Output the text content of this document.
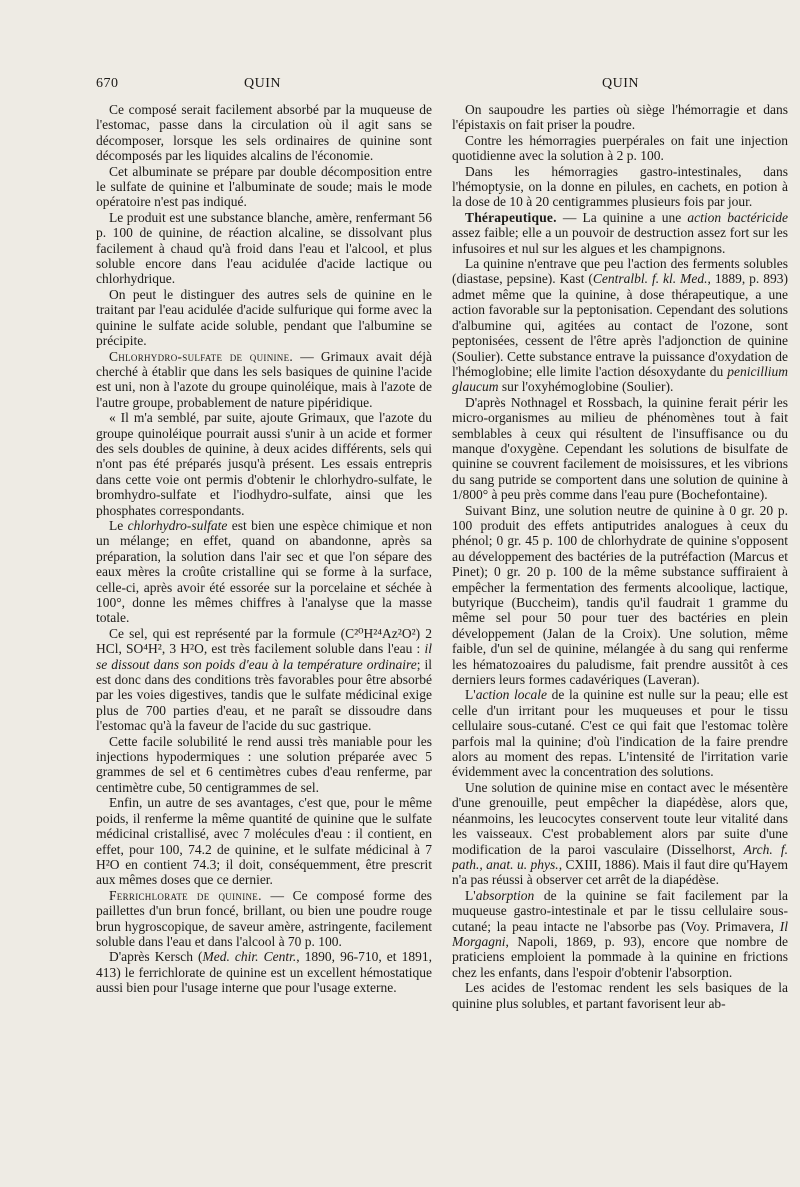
670	QUIN	QUIN

Ce composé serait facilement absorbé par la muqueuse de l'estomac, passe dans la circulation où il agit sans se décomposer, lorsque les sels ordinaires de quinine sont décomposés par les liquides alcalins de l'économie.

Cet albuminate se prépare par double décomposition entre le sulfate de quinine et l'albuminate de soude; mais le mode opératoire n'est pas indiqué.

Le produit est une substance blanche, amère, renfermant 56 p. 100 de quinine, de réaction alcaline, se dissolvant plus facilement à chaud qu'à froid dans l'eau et l'alcool, et plus soluble encore dans l'eau acidulée d'acide lactique ou chlorhydrique.

On peut le distinguer des autres sels de quinine en le traitant par l'eau acidulée d'acide sulfurique qui forme avec la quinine le sulfate acide soluble, pendant que l'albumine se précipite.

Chlorhydro-sulfate de quinine. — Grimaux avait déjà cherché à établir que dans les sels basiques de quinine l'acide est uni, non à l'azote du groupe quinoléique, mais à l'azote de l'autre groupe, probablement de nature pipéridique.

« Il m'a semblé, par suite, ajoute Grimaux, que l'azote du groupe quinoléique pourrait aussi s'unir à un acide et former des sels doubles de quinine, à deux acides différents, sels qui n'ont pas été préparés jusqu'à présent. Les essais entrepris dans cette voie ont permis d'obtenir le chlorhydro-sulfate, le bromhydro-sulfate et l'iodhydro-sulfate, ainsi que les phosphates correspondants.

Le chlorhydro-sulfate est bien une espèce chimique et non un mélange; en effet, quand on abandonne, après sa préparation, la solution dans l'air sec et que l'on sépare des eaux mères la croûte cristalline qui se forme à la surface, celle-ci, après avoir été essorée sur la porcelaine et séchée à 100°, donne les mêmes chiffres à l'analyse que la masse totale.

Ce sel, qui est représenté par la formule (C²⁰H²⁴Az²O²) 2 HCl, SO⁴H², 3 H²O, est très facilement soluble dans l'eau : il se dissout dans son poids d'eau à la température ordinaire; il est donc dans des conditions très favorables pour être absorbé par les voies digestives, tandis que le sulfate médicinal exige plus de 700 parties d'eau, et ne paraît se dissoudre dans l'estomac qu'à la faveur de l'acide du suc gastrique.

Cette facile solubilité le rend aussi très maniable pour les injections hypodermiques : une solution préparée avec 5 grammes de sel et 6 centimètres cubes d'eau renferme, par centimètre cube, 50 centigrammes de sel.

Enfin, un autre de ses avantages, c'est que, pour le même poids, il renferme la même quantité de quinine que le sulfate médicinal cristallisé, avec 7 molécules d'eau : il contient, en effet, pour 100, 74.2 de quinine, et le sulfate médicinal à 7 H²O en contient 74.3; il doit, conséquemment, être prescrit aux mêmes doses que ce dernier.

Ferrichlorate de quinine. — Ce composé forme des paillettes d'un brun foncé, brillant, ou bien une poudre rouge brun hygroscopique, de saveur amère, astringente, facilement soluble dans l'eau et dans l'alcool à 70 p. 100.

D'après Kersch (Med. chir. Centr., 1890, 96-710, et 1891, 413) le ferrichlorate de quinine est un excellent hémostatique aussi bien pour l'usage interne que pour l'usage externe.

On saupoudre les parties où siège l'hémorragie et dans l'épistaxis on fait priser la poudre.

Contre les hémorragies puerpérales on fait une injection quotidienne avec la solution à 2 p. 100.

Dans les hémorragies gastro-intestinales, dans l'hémoptysie, on la donne en pilules, en cachets, en potion à la dose de 10 à 20 centigrammes plusieurs fois par jour.

Thérapeutique. — La quinine a une action bactéricide assez faible; elle a un pouvoir de destruction assez fort sur les infusoires et nul sur les algues et les champignons.

La quinine n'entrave que peu l'action des ferments solubles (diastase, pepsine). Kast (Centralbl. f. kl. Med., 1889, p. 893) admet même que la quinine, à dose thérapeutique, a une action favorable sur la peptonisation. Cependant des solutions d'albumine qui, agitées au contact de l'ozone, sont peptonisées, cessent de l'être après l'adjonction de quinine (Soulier). Cette substance entrave la puissance d'oxydation de l'hémoglobine; elle limite l'action désoxydante du penicillium glaucum sur l'oxyhémoglobine (Soulier).

D'après Nothnagel et Rossbach, la quinine ferait périr les micro-organismes au milieu de phénomènes tout à fait semblables à ceux qui résultent de l'insuffisance ou du manque d'oxygène. Cependant les solutions de bisulfate de quinine se couvrent facilement de moisissures, et les vibrions du sang putride se comportent dans une solution de quinine à 1/800° à peu près comme dans l'eau pure (Bochefontaine).

Suivant Binz, une solution neutre de quinine à 0 gr. 20 p. 100 produit des effets antiputrides analogues à ceux du phénol; 0 gr. 45 p. 100 de chlorhydrate de quinine s'opposent au développement des bactéries de la putréfaction (Marcus et Pinet); 0 gr. 20 p. 100 de la même substance suffiraient à empêcher la fermentation des ferments alcoolique, lactique, butyrique (Buccheim), tandis qu'il faudrait 1 gramme du même sel pour 50 pour tuer des bactéries en plein développement (Jalan de la Croix). Une solution, même faible, d'un sel de quinine, mélangée à du sang qui renferme les hématozoaires du paludisme, fait prendre aussitôt à ces derniers leurs formes cadavériques (Laveran).

L'action locale de la quinine est nulle sur la peau; elle est celle d'un irritant pour les muqueuses et pour le tissu cellulaire sous-cutané. C'est ce qui fait que l'estomac tolère parfois mal la quinine; d'où l'indication de la faire prendre alors au moment des repas. L'intensité de l'irritation varie évidemment avec la concentration des solutions.

Une solution de quinine mise en contact avec le mésentère d'une grenouille, peut empêcher la diapédèse, alors que, néanmoins, les leucocytes conservent toute leur vitalité dans les vaisseaux. C'est probablement alors par suite d'une modification de la paroi vasculaire (Disselhorst, Arch. f. path., anat. u. phys., CXIII, 1886). Mais il faut dire qu'Hayem n'a pas réussi à observer cet arrêt de la diapédèse.

L'absorption de la quinine se fait facilement par la muqueuse gastro-intestinale et par le tissu cellulaire sous-cutané; la peau intacte ne l'absorbe pas (Voy. Primavera, Il Morgagni, Napoli, 1869, p. 93), encore que nombre de praticiens emploient la pommade à la quinine en frictions chez les enfants, dans l'espoir d'obtenir l'absorption.

Les acides de l'estomac rendent les sels basiques de la quinine plus solubles, et partant favorisent leur ab-
